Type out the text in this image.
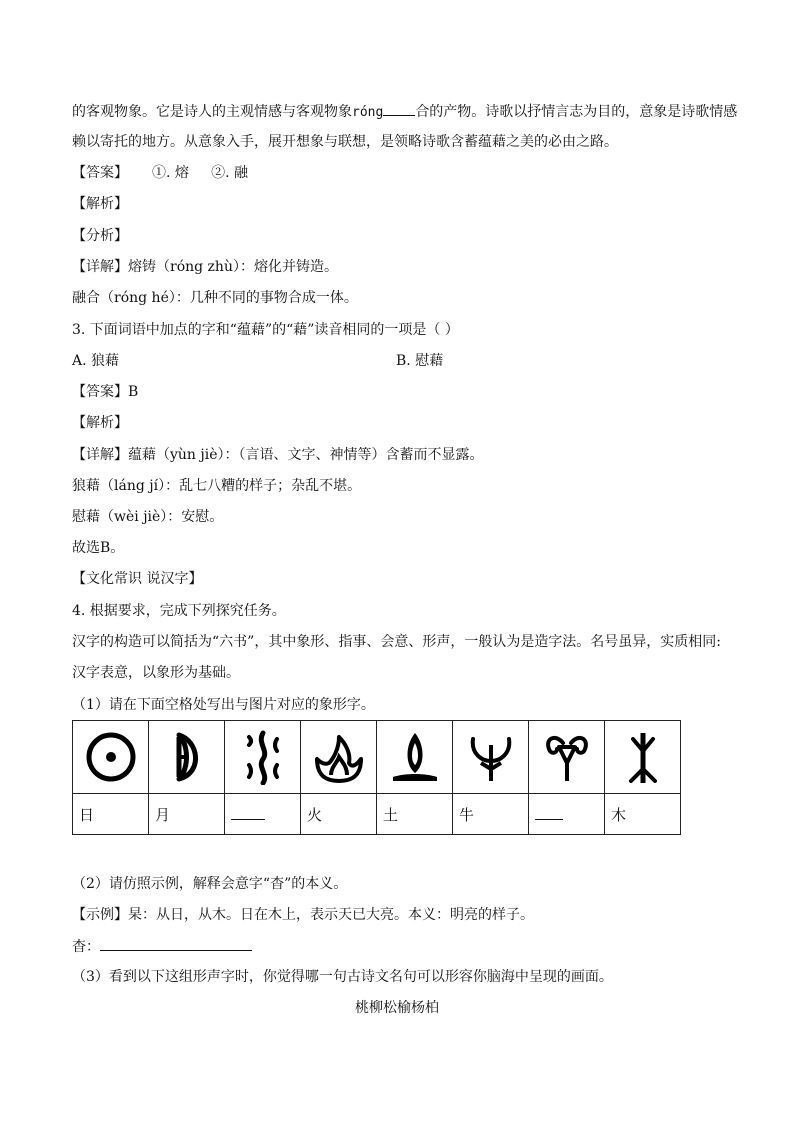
的客观物象。它是诗人的主观情感与客观物象róng 合的产物。诗歌以抒情言志为目的，意象是诗歌情感
赖以寄托的地方。从意象入手，展开想象与联想，是领略诗歌含蓄蕴藉之美的必由之路。
【答案】 ①. 熔     ②. 融
【解析】
【分析】
【详解】熔铸（róng zhù）：熔化并铸造。
融合（róng hé）：几种不同的事物合成一体。
3. 下面词语中加点的字和“蕴藉”的“藉”读音相同的一项是（ ）
A. 狼藉	B. 慰藉
【答案】B
【解析】
【详解】蕴藉（yùn jiè）：（言语、文字、神情等）含蓄而不显露。
狼藉（láng jí）：乱七八糟的样子；杂乱不堪。
慰藉（wèi jiè）：安慰。
故选B。
【文化常识 说汉字】
4. 根据要求，完成下列探究任务。
汉字的构造可以简括为“六书”，其中象形、指事、会意、形声，一般认为是造字法。名号虽异，实质相同:
汉字表意，以象形为基础。
（1）请在下面空格处写出与图片对应的象形字。

日	月		火	土	牛		木
（2）请仿照示例，解释会意字“杳”的本义。
【示例】杲：从日，从木。日在木上，表示天已大亮。本义：明亮的样子。
杳：
（3）看到以下这组形声字时，你觉得哪一句古诗文名句可以形容你脑海中呈现的画面。
桃柳松榆杨柏
